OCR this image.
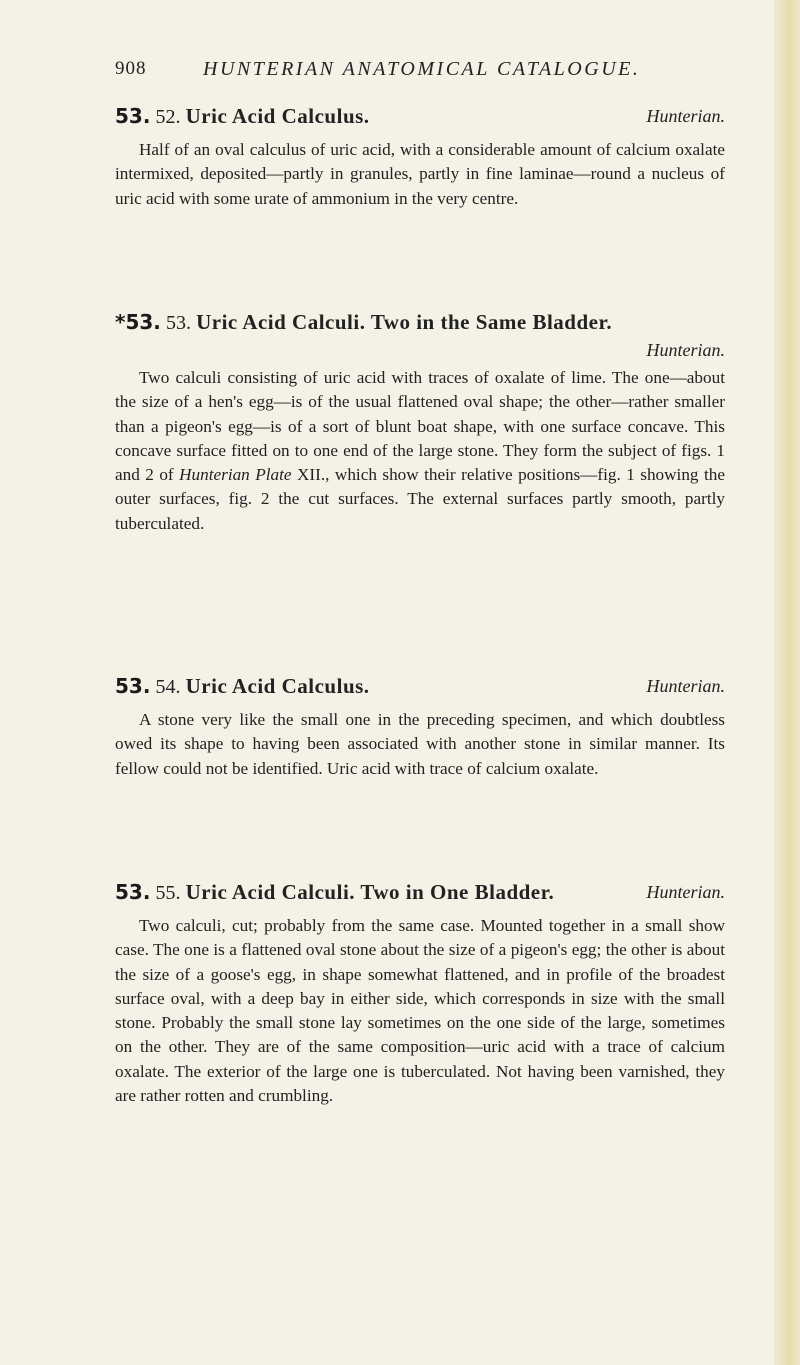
908	HUNTERIAN ANATOMICAL CATALOGUE.
53. 52. Uric Acid Calculus.	Hunterian.

Half of an oval calculus of uric acid, with a considerable amount of calcium oxalate intermixed, deposited—partly in granules, partly in fine laminae—round a nucleus of uric acid with some urate of ammonium in the very centre.

*53. 53. Uric Acid Calculi. Two in the Same Bladder.
Hunterian.

Two calculi consisting of uric acid with traces of oxalate of lime. The one—about the size of a hen's egg—is of the usual flattened oval shape; the other—rather smaller than a pigeon's egg—is of a sort of blunt boat shape, with one surface concave. This concave surface fitted on to one end of the large stone. They form the subject of figs. 1 and 2 of Hunterian Plate XII., which show their relative positions—fig. 1 showing the outer surfaces, fig. 2 the cut surfaces. The external surfaces partly smooth, partly tuberculated.

53. 54. Uric Acid Calculus.	Hunterian.

A stone very like the small one in the preceding specimen, and which doubtless owed its shape to having been associated with another stone in similar manner. Its fellow could not be identified. Uric acid with trace of calcium oxalate.

53. 55. Uric Acid Calculi. Two in One Bladder.	Hunterian.

Two calculi, cut; probably from the same case. Mounted together in a small show case. The one is a flattened oval stone about the size of a pigeon's egg; the other is about the size of a goose's egg, in shape somewhat flattened, and in profile of the broadest surface oval, with a deep bay in either side, which corresponds in size with the small stone. Probably the small stone lay sometimes on the one side of the large, sometimes on the other. They are of the same composition—uric acid with a trace of calcium oxalate. The exterior of the large one is tuberculated. Not having been varnished, they are rather rotten and crumbling.
